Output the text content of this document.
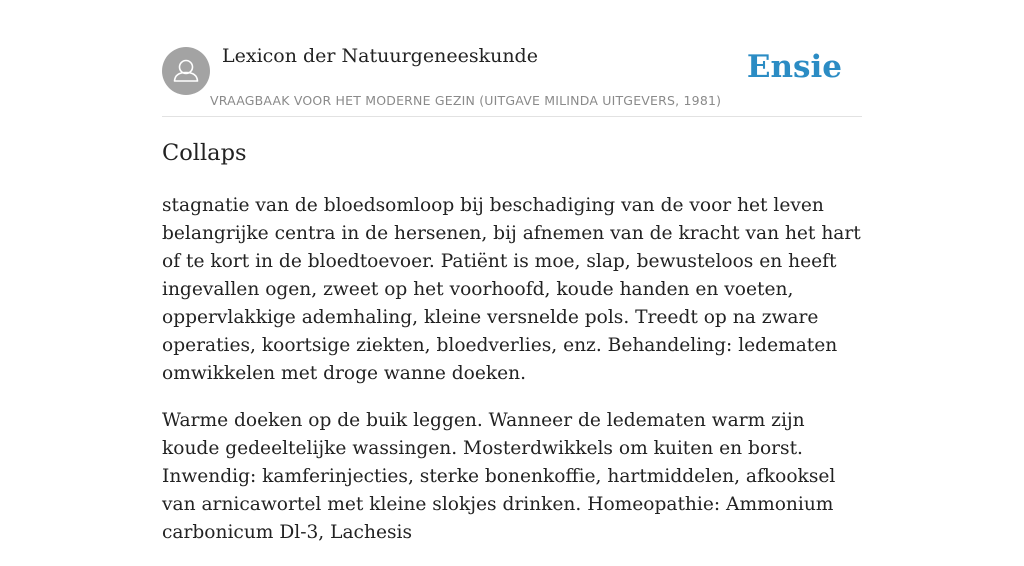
Lexicon der Natuurgeneeskunde
VRAAGBAAK VOOR HET MODERNE GEZIN (UITGAVE MILINDA UITGEVERS, 1981)
Ensie
Collaps

stagnatie van de bloedsomloop bij beschadiging van de voor het leven belangrijke centra in de hersenen, bij afnemen van de kracht van het hart of te kort in de bloedtoevoer. Patiënt is moe, slap, bewusteloos en heeft ingevallen ogen, zweet op het voorhoofd, koude handen en voeten, oppervlakkige ademhaling, kleine versnelde pols. Treedt op na zware operaties, koortsige ziekten, bloedverlies, enz. Behandeling: ledematen omwikkelen met droge wanne doeken.

Warme doeken op de buik leggen. Wanneer de ledematen warm zijn koude gedeeltelijke wassingen. Mosterdwikkels om kuiten en borst. Inwendig: kamferinjecties, sterke bonenkoffie, hartmiddelen, afkooksel van arnicawortel met kleine slokjes drinken. Homeopathie: Ammonium carbonicum Dl-3, Lachesis
